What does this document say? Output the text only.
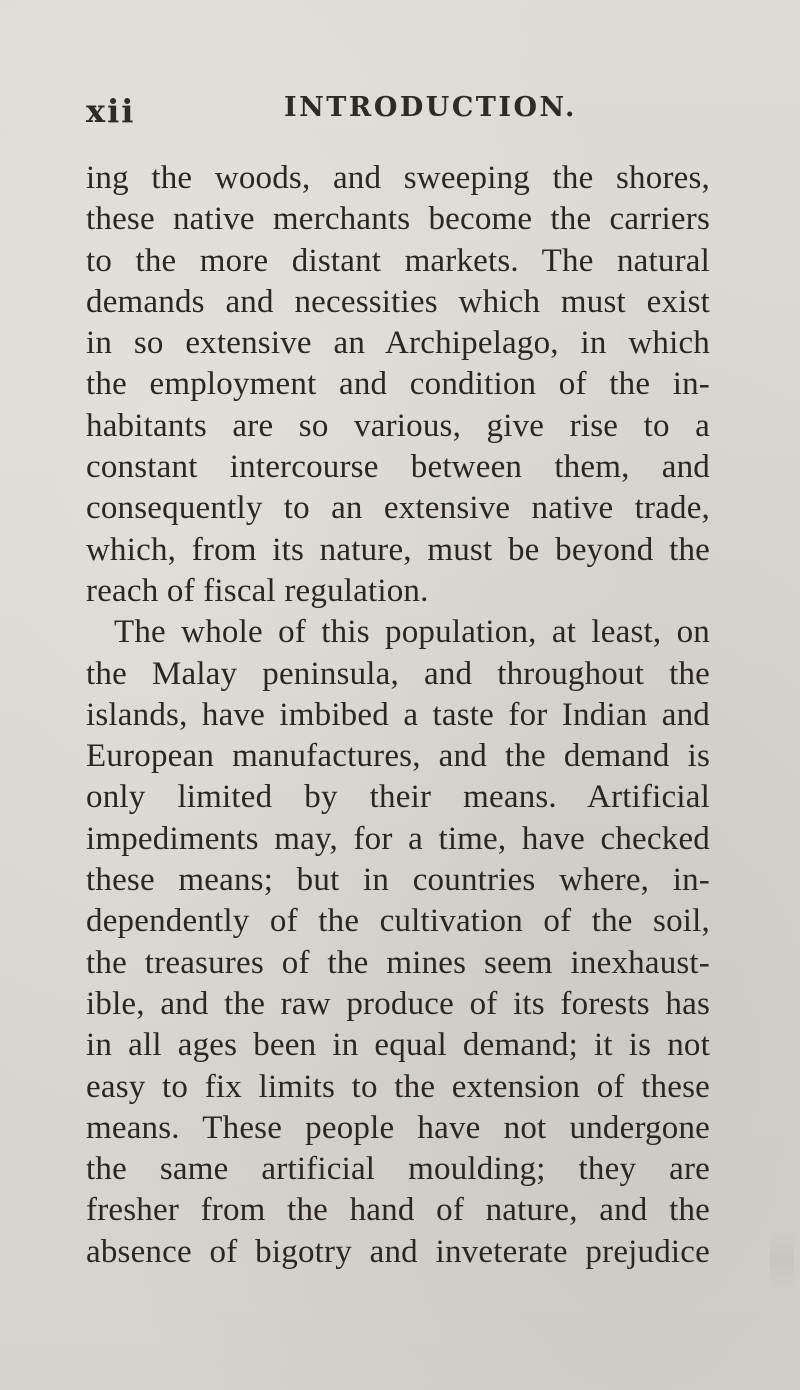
xii	INTRODUCTION.
ing the woods, and sweeping the shores,
these native merchants become the carriers
to the more distant markets. The natural
demands and necessities which must exist
in so extensive an Archipelago, in which
the employment and condition of the in-
habitants are so various, give rise to a
constant intercourse between them, and
consequently to an extensive native trade,
which, from its nature, must be beyond the
reach of fiscal regulation.
The whole of this population, at least, on
the Malay peninsula, and throughout the
islands, have imbibed a taste for Indian and
European manufactures, and the demand is
only limited by their means. Artificial
impediments may, for a time, have checked
these means; but in countries where, in-
dependently of the cultivation of the soil,
the treasures of the mines seem inexhaust-
ible, and the raw produce of its forests has
in all ages been in equal demand; it is not
easy to fix limits to the extension of these
means. These people have not undergone
the same artificial moulding; they are
fresher from the hand of nature, and the
absence of bigotry and inveterate prejudice
